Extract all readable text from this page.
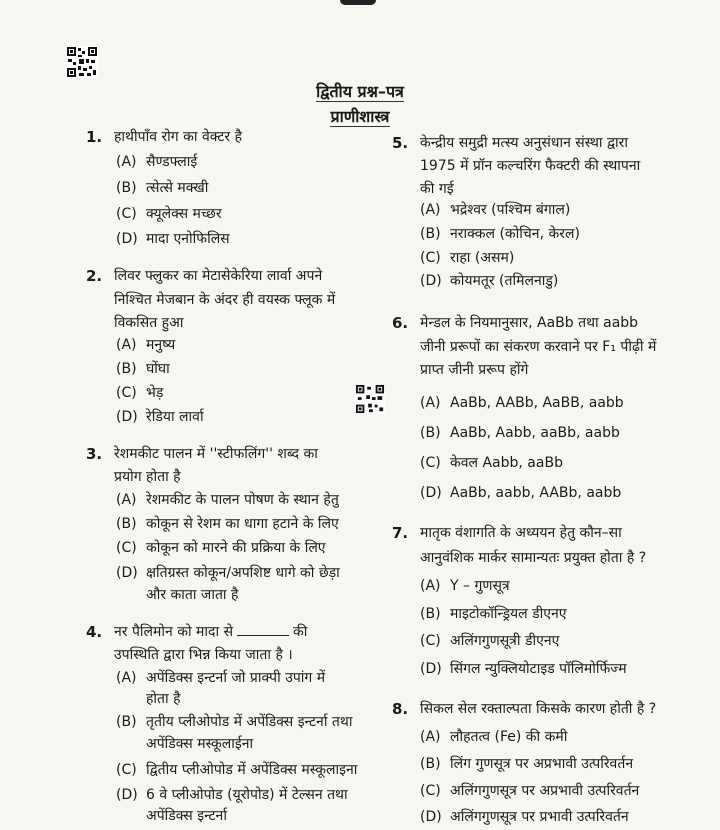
द्वितीय प्रश्न–पत्र
प्राणीशास्त्र
1. हाथीपाँव रोग का वेक्टर है
(A) सैण्डफ्लाई
(B) त्सेत्से मक्खी
(C) क्यूलेक्स मच्छर
(D) मादा एनोफिलिस
2. लिवर फ्लुकर का मेटासेकेरिया लार्वा अपने
निश्चित मेजबान के अंदर ही वयस्क फ्लूक में
विकसित हुआ
(A) मनुष्य
(B) घोंघा
(C) भेड़
(D) रेडिया लार्वा
3. रेशमकीट पालन में ''स्टीफलिंग'' शब्द का
प्रयोग होता है
(A) रेशमकीट के पालन पोषण के स्थान हेतु
(B) कोकून से रेशम का धागा हटाने के लिए
(C) कोकून को मारने की प्रक्रिया के लिए
(D) क्षतिग्रस्त कोकून/अपशिष्ट धागे को छेड़ा
और काता जाता है
4. नर पैलिमोन को मादा से	की
उपस्थिति द्वारा भिन्न किया जाता है ।
(A) अपेंडिक्स इन्टर्ना जो प्राक्पी उपांग में
होता है
(B) तृतीय प्लीओपोड में अपेंडिक्स इन्टर्ना तथा
अपेंडिक्स मस्कूलाईना
(C) द्वितीय प्लीओपोड में अपेंडिक्स मस्कूलाइना
(D) 6 वे प्लीओपोड (यूरोपोड) में टेल्सन तथा
अपेंडिक्स इन्टर्ना
5. केन्द्रीय समुद्री मत्स्य अनुसंधान संस्था द्वारा
1975 में प्रॉन कल्चरिंग फैक्टरी की स्थापना
की गई
(A) भद्रेश्वर (पश्चिम बंगाल)
(B) नराक्कल (कोचिन, केरल)
(C) राहा (असम)
(D) कोयमतूर (तमिलनाडु)
6. मेन्डल के नियमानुसार, AaBb तथा aabb
जीनी प्ररूपों का संकरण करवाने पर F₁ पीढ़ी में
प्राप्त जीनी प्ररूप होंगे
(A) AaBb, AABb, AaBB, aabb
(B) AaBb, Aabb, aaBb, aabb
(C) केवल Aabb, aaBb
(D) AaBb, aabb, AABb, aabb
7. मातृक वंशागति के अध्ययन हेतु कौन–सा
आनुवंशिक मार्कर सामान्यतः प्रयुक्त होता है ?
(A) Y – गुणसूत्र
(B) माइटोकॉन्ड्रियल डीएनए
(C) अलिंगगुणसूत्री डीएनए
(D) सिंगल न्युक्लियोटाइड पॉलिमोर्फिज्म
8. सिकल सेल रक्ताल्पता किसके कारण होती है ?
(A) लौहतत्व (Fe) की कमी
(B) लिंग गुणसूत्र पर अप्रभावी उत्परिवर्तन
(C) अलिंगगुणसूत्र पर अप्रभावी उत्परिवर्तन
(D) अलिंगगुणसूत्र पर प्रभावी उत्परिवर्तन
